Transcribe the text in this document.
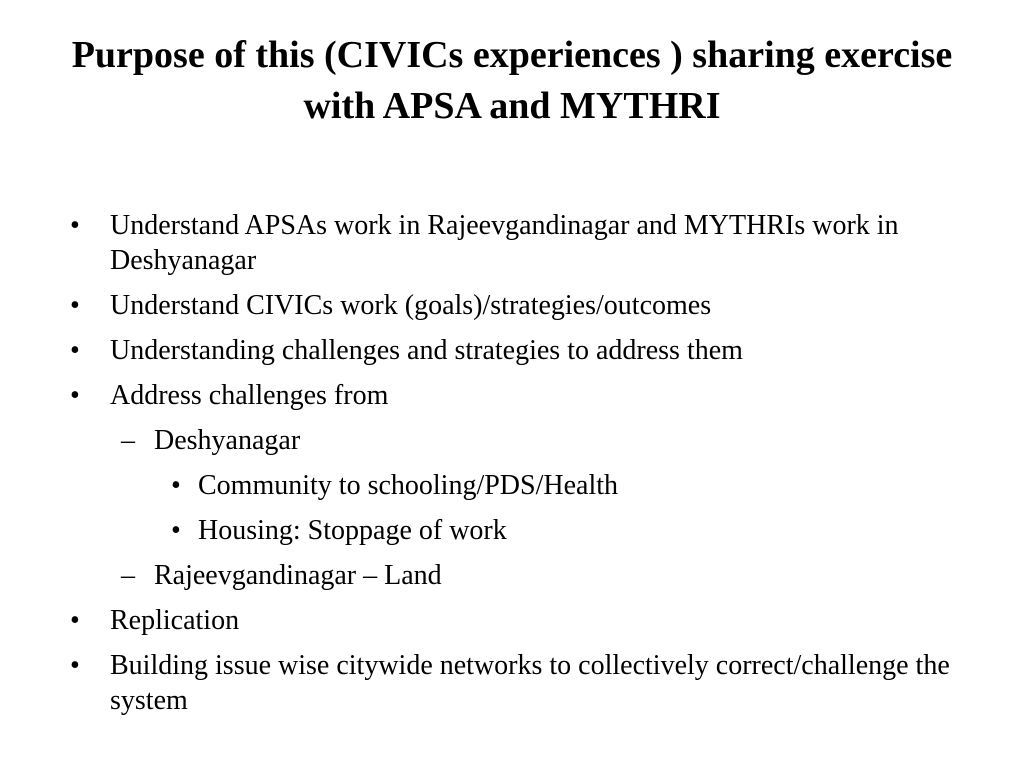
Purpose of this (CIVICs experiences ) sharing exercise with APSA and MYTHRI
• Understand APSAs work in Rajeevgandinagar and MYTHRIs work in Deshyanagar
• Understand CIVICs work (goals)/strategies/outcomes
• Understanding challenges and strategies to address them
• Address challenges from
– Deshyanagar
• Community to schooling/PDS/Health
• Housing: Stoppage of work
– Rajeevgandinagar – Land
• Replication
• Building issue wise citywide networks to collectively correct/challenge the system
